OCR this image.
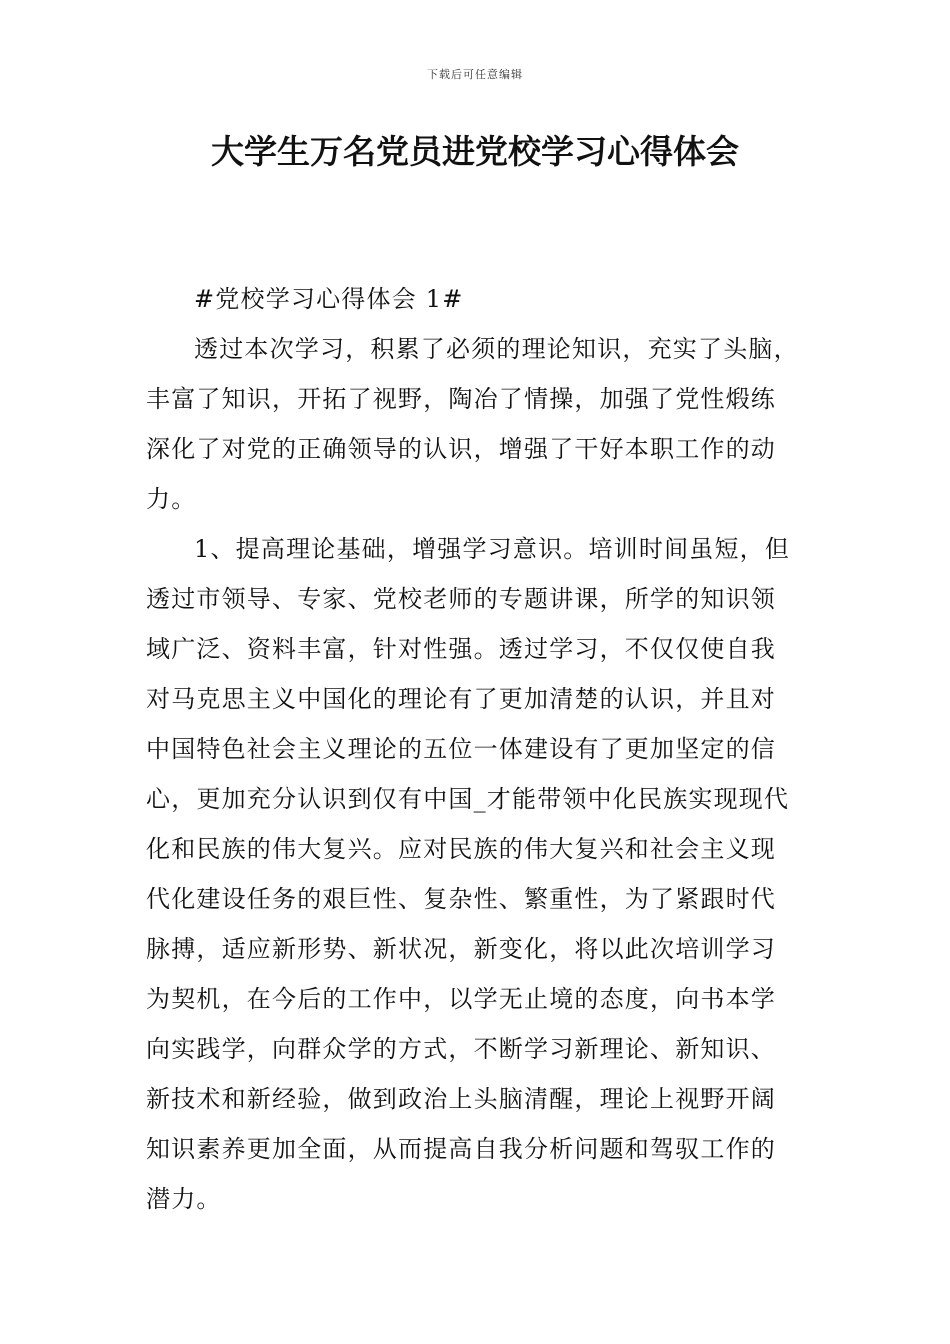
下载后可任意编辑
大学生万名党员进党校学习心得体会

#党校学习心得体会 1#

透过本次学习，积累了必须的理论知识，充实了头脑，
丰富了知识，开拓了视野，陶冶了情操，加强了党性煅练
深化了对党的正确领导的认识，增强了干好本职工作的动
力。

1、提高理论基础，增强学习意识。培训时间虽短，但
透过市领导、专家、党校老师的专题讲课，所学的知识领
域广泛、资料丰富，针对性强。透过学习，不仅仅使自我
对马克思主义中国化的理论有了更加清楚的认识，并且对
中国特色社会主义理论的五位一体建设有了更加坚定的信
心，更加充分认识到仅有中国_才能带领中化民族实现现代
化和民族的伟大复兴。应对民族的伟大复兴和社会主义现
代化建设任务的艰巨性、复杂性、繁重性，为了紧跟时代
脉搏，适应新形势、新状况，新变化，将以此次培训学习
为契机，在今后的工作中，以学无止境的态度，向书本学
向实践学，向群众学的方式，不断学习新理论、新知识、
新技术和新经验，做到政治上头脑清醒，理论上视野开阔
知识素养更加全面，从而提高自我分析问题和驾驭工作的
潜力。
